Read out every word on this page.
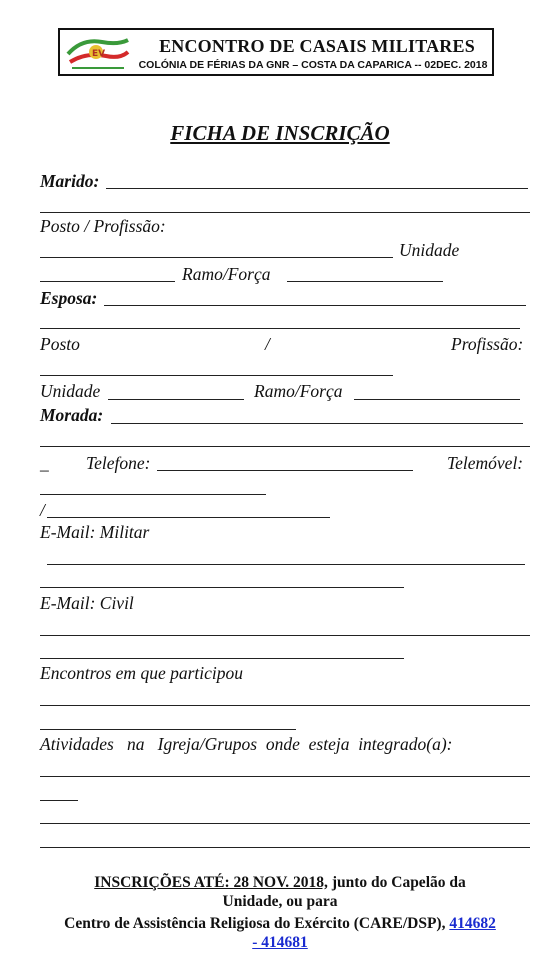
EV	ENCONTRO DE CASAIS MILITARES
COLÓNIA DE FÉRIAS DA GNR – COSTA DA CAPARICA -- 02DEC. 2018
FICHA DE INSCRIÇÃO
Marido:
Posto / Profissão:
Unidade
Ramo/Força
Esposa:
Posto	/	Profissão:
Unidade	Ramo/Força
Morada:
_ Telefone:	Telemóvel:
/
E-Mail: Militar
E-Mail: Civil
Encontros em que participou
Atividades   na   Igreja/Grupos  onde  esteja  integrado(a):
INSCRIÇÕES ATÉ: 28 NOV. 2018, junto do Capelão da
Unidade, ou para
Centro de Assistência Religiosa do Exército (CARE/DSP), 414682
- 414681
